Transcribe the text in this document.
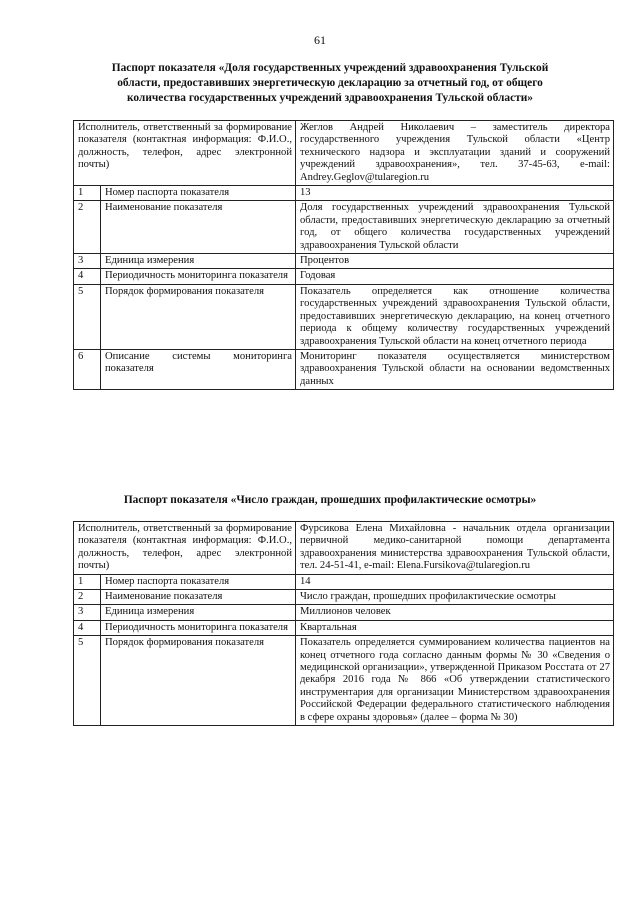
61
Паспорт показателя «Доля государственных учреждений здравоохранения Тульской области, предоставивших энергетическую декларацию за отчетный год, от общего количества государственных учреждений здравоохранения Тульской области»
Исполнитель, ответственный за формирование показателя (контактная информация: Ф.И.О., должность, телефон, адрес электронной почты)		Жеглов Андрей Николаевич – заместитель директора государственного учреждения Тульской области «Центр технического надзора и эксплуатации зданий и сооружений учреждений здравоохранения», тел. 37-45-63, e-mail: Andrey.Geglov@tularegion.ru
1	Номер паспорта показателя	13
2	Наименование показателя	Доля государственных учреждений здравоохранения Тульской области, предоставивших энергетическую декларацию за отчетный год, от общего количества государственных учреждений здравоохранения Тульской области
3	Единица измерения	Процентов
4	Периодичность мониторинга показателя	Годовая
5	Порядок формирования показателя	Показатель определяется как отношение количества государственных учреждений здравоохранения Тульской области, предоставивших энергетическую декларацию, на конец отчетного периода к общему количеству государственных учреждений здравоохранения Тульской области на конец отчетного периода
6	Описание системы мониторинга показателя	Мониторинг показателя осуществляется министерством здравоохранения Тульской области на основании ведомственных данных
Паспорт показателя «Число граждан, прошедших профилактические осмотры»
Исполнитель, ответственный за формирование показателя (контактная информация: Ф.И.О., должность, телефон, адрес электронной почты)		Фурсикова Елена Михайловна - начальник отдела организации первичной медико-санитарной помощи департамента здравоохранения министерства здравоохранения Тульской области, тел. 24-51-41, e-mail: Elena.Fursikova@tularegion.ru
1	Номер паспорта показателя	14
2	Наименование показателя	Число граждан, прошедших профилактические осмотры
3	Единица измерения	Миллионов человек
4	Периодичность мониторинга показателя	Квартальная
5	Порядок формирования показателя	Показатель определяется суммированием количества пациентов на конец отчетного года согласно данным формы № 30 «Сведения о медицинской организации», утвержденной Приказом Росстата от 27 декабря 2016 года № 866 «Об утверждении статистического инструментария для организации Министерством здравоохранения Российской Федерации федерального статистического наблюдения в сфере охраны здоровья» (далее – форма № 30)
